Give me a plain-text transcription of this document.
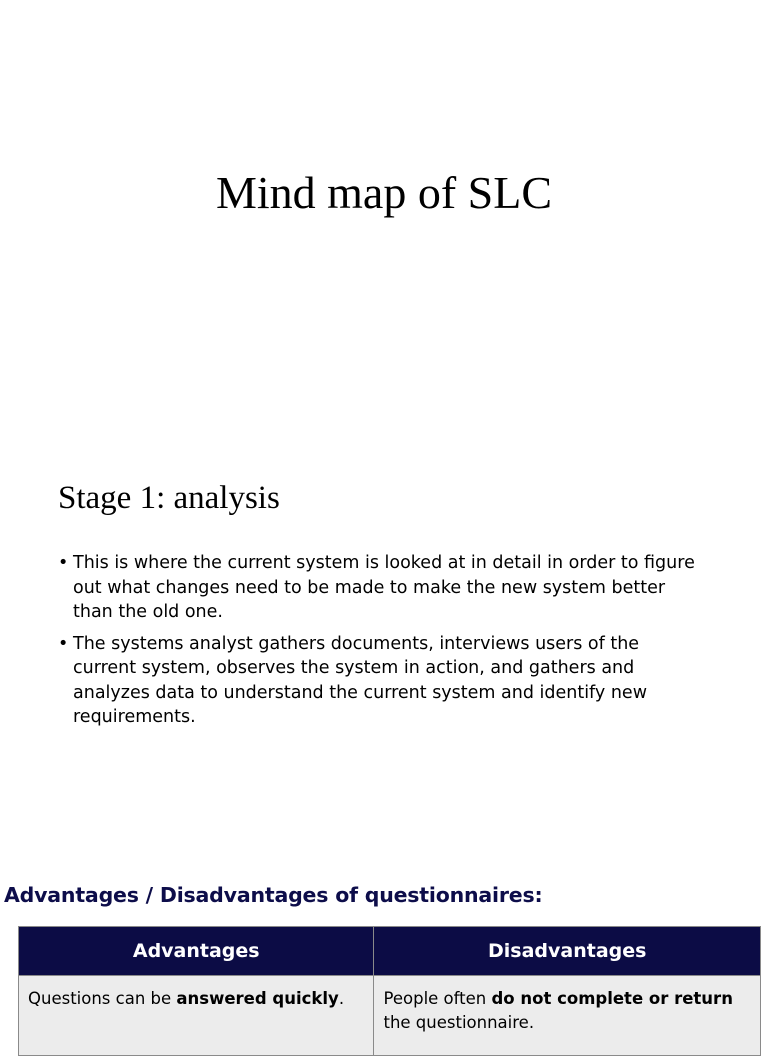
Mind map of SLC
Stage 1: analysis
• This is where the current system is looked at in detail in order to figure out what changes need to be made to make the new system better than the old one.
• The systems analyst gathers documents, interviews users of the current system, observes the system in action, and gathers and analyzes data to understand the current system and identify new requirements.
Advantages / Disadvantages of questionnaires:
Advantages	Disadvantages
Questions can be answered quickly.	People often do not complete or return the questionnaire.
